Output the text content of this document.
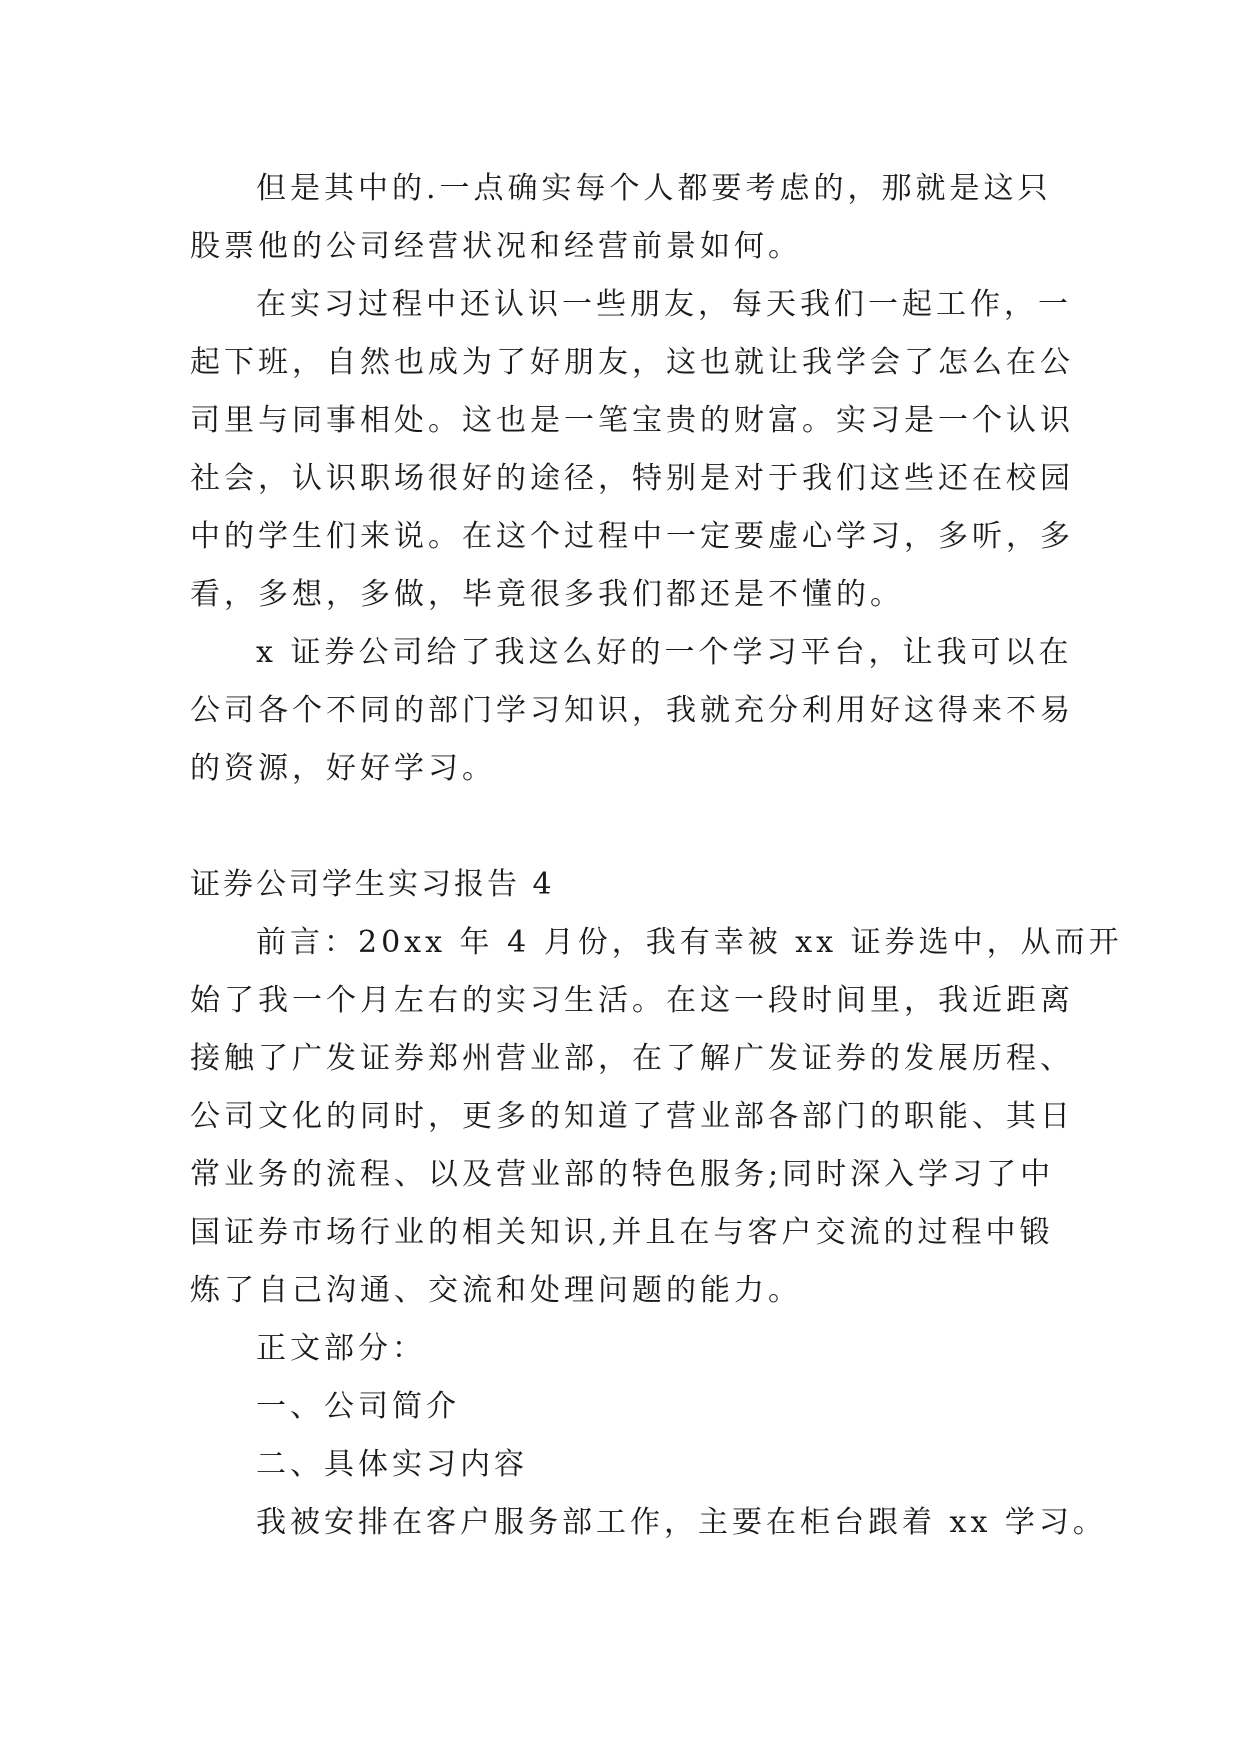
但是其中的.一点确实每个人都要考虑的，那就是这只
股票他的公司经营状况和经营前景如何。
在实习过程中还认识一些朋友，每天我们一起工作，一
起下班，自然也成为了好朋友，这也就让我学会了怎么在公
司里与同事相处。这也是一笔宝贵的财富。实习是一个认识
社会，认识职场很好的途径，特别是对于我们这些还在校园
中的学生们来说。在这个过程中一定要虚心学习，多听，多
看，多想，多做，毕竟很多我们都还是不懂的。
x 证券公司给了我这么好的一个学习平台，让我可以在
公司各个不同的部门学习知识，我就充分利用好这得来不易
的资源，好好学习。
证券公司学生实习报告 4
前言：20xx 年 4 月份，我有幸被 xx 证券选中，从而开
始了我一个月左右的实习生活。在这一段时间里，我近距离
接触了广发证券郑州营业部，在了解广发证券的发展历程、
公司文化的同时，更多的知道了营业部各部门的职能、其日
常业务的流程、以及营业部的特色服务;同时深入学习了中
国证券市场行业的相关知识,并且在与客户交流的过程中锻
炼了自己沟通、交流和处理问题的能力。
正文部分：
一、公司简介
二、具体实习内容
我被安排在客户服务部工作，主要在柜台跟着 xx 学习。
